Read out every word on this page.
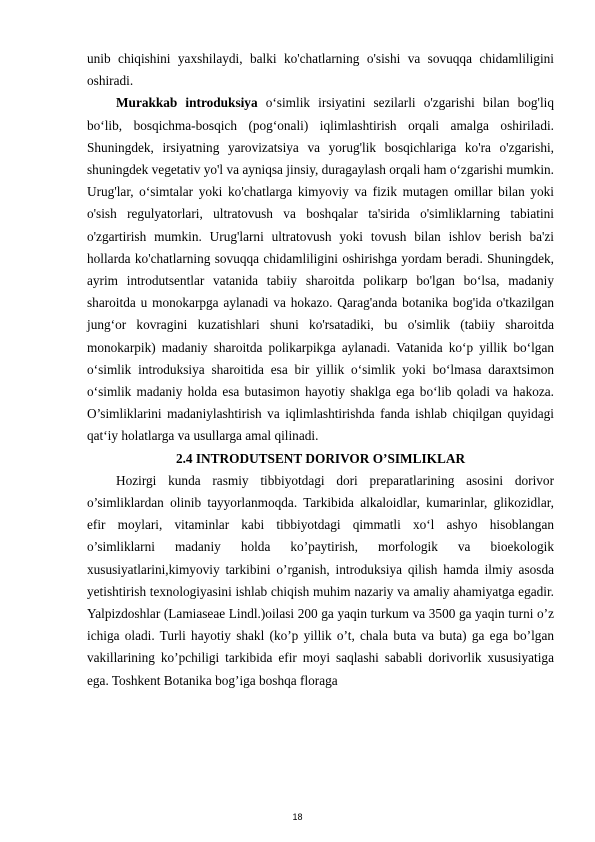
unib chiqishini yaxshilaydi, balki ko'chatlarning o'sishi va sovuqqa chidamliligini oshiradi.

Murakkab introduksiya o‘simlik irsiyatini sezilarli o'zgarishi bilan bog'liq bo‘lib, bosqichma-bosqich (pog‘onali) iqlimlashtirish orqali amalga oshiriladi. Shuningdek, irsiyatning yarovizatsiya va yorug'lik bosqichlariga ko'ra o'zgarishi, shuningdek vegetativ yo'l va ayniqsa jinsiy, duragaylash orqali ham o‘zgarishi mumkin. Urug'lar, o‘simtalar yoki ko'chatlarga kimyoviy va fizik mutagen omillar bilan yoki o'sish regulyatorlari, ultratovush va boshqalar ta'sirida o'simliklarning tabiatini o'zgartirish mumkin. Urug'larni ultratovush yoki tovush bilan ishlov berish ba'zi hollarda ko'chatlarning sovuqqa chidamliligini oshirishga yordam beradi. Shuningdek, ayrim introdutsentlar vatanida tabiiy sharoitda polikarp bo'lgan bo‘lsa, madaniy sharoitda u monokarpga aylanadi va hokazo. Qarag'anda botanika bog'ida o'tkazilgan jung‘or kovragini kuzatishlari shuni ko'rsatadiki, bu o'simlik (tabiiy sharoitda monokarpik) madaniy sharoitda polikarpikga aylanadi. Vatanida ko‘p yillik bo‘lgan o‘simlik introduksiya sharoitida esa bir yillik o‘simlik yoki bo‘lmasa daraxtsimon o‘simlik madaniy holda esa butasimon hayotiy shaklga ega bo‘lib qoladi va hakoza. O’simliklarini madaniylashtirish va iqlimlashtirishda fanda ishlab chiqilgan quyidagi qat‘iy holatlarga va usullarga amal qilinadi.

2.4 INTRODUTSENT DORIVOR O’SIMLIKLAR

Hozirgi kunda rasmiy tibbiyotdagi dori preparatlarining asosini dorivor o’simliklardan olinib tayyorlanmoqda. Tarkibida alkaloidlar, kumarinlar, glikozidlar, efir moylari, vitaminlar kabi tibbiyotdagi qimmatli xo‘l ashyo hisoblangan o’simliklarni madaniy holda ko’paytirish, morfologik va bioekologik xususiyatlarini,kimyoviy tarkibini o’rganish, introduksiya qilish hamda ilmiy asosda yetishtirish texnologiyasini ishlab chiqish muhim nazariy va amaliy ahamiyatga egadir. Yalpizdoshlar (Lamiaseae Lindl.)oilasi 200 ga yaqin turkum va 3500 ga yaqin turni o’z ichiga oladi. Turli hayotiy shakl (ko’p yillik o’t, chala buta va buta) ga ega bo’lgan vakillarining ko’pchiligi tarkibida efir moyi saqlashi sababli dorivorlik xususiyatiga ega. Toshkent Botanika bog’iga boshqa floraga

18
